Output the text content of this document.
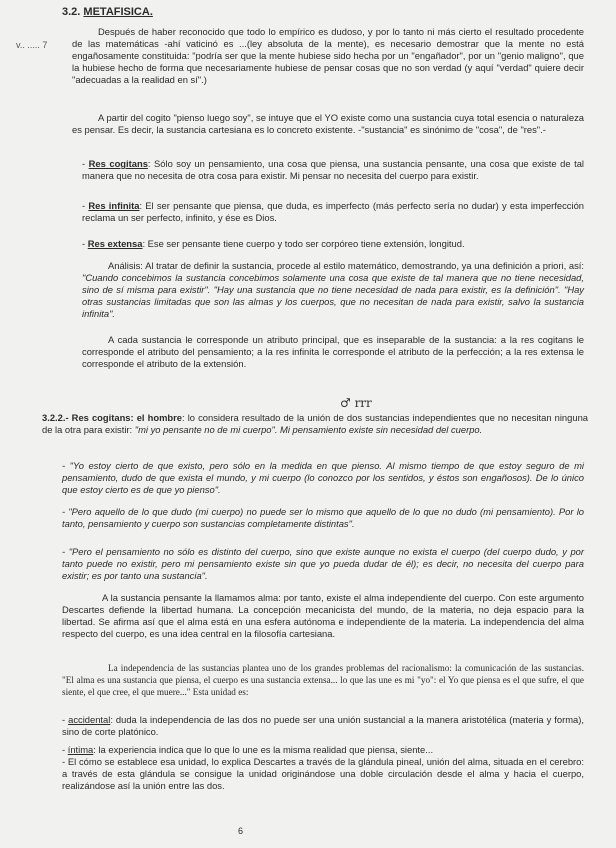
3.2. METAFISICA.
v.. ..... 7

Después de haber reconocido que todo lo empírico es dudoso, y por lo tanto ni más cierto el resultado procedente de las matemáticas -ahí vaticinó es ...(ley absoluta de la mente), es necesario demostrar que la mente no está engañosamente constituida: "podría ser que la mente hubiese sido hecha por un "engañador", por un "genio maligno", que la hubiese hecho de forma que necesariamente hubiese de pensar cosas que no son verdad (y aquí "verdad" quiere decir "adecuadas a la realidad en sí".)

A partir del cogito "pienso luego soy", se intuye que el YO existe como una sustancia cuya total esencia o naturaleza es pensar. Es decir, la sustancia cartesiana es lo concreto existente. -"sustancia" es sinónimo de "cosa", de "res".-

- Res cogitans: Sólo soy un pensamiento, una cosa que piensa, una sustancia pensante, una cosa que existe de tal manera que no necesita de otra cosa para existir. Mi pensar no necesita del cuerpo para existir.

- Res infinita: El ser pensante que piensa, que duda, es imperfecto (más perfecto sería no dudar) y esta imperfección reclama un ser perfecto, infinito, y ése es Dios.

- Res extensa: Ese ser pensante tiene cuerpo y todo ser corpóreo tiene extensión, longitud.

Análisis: Al tratar de definir la sustancia, procede al estilo matemático, demostrando, ya una definición a priori, así: "Cuando concebimos la sustancia concebimos solamente una cosa que existe de tal manera que no tiene necesidad, sino de sí misma para existir". "Hay una sustancia que no tiene necesidad de nada para existir, es la definición". "Hay otras sustancias limitadas que son las almas y los cuerpos, que no necesitan de nada para existir, salvo la sustancia infinita".

A cada sustancia le corresponde un atributo principal, que es inseparable de la sustancia: a la res cogitans le corresponde el atributo del pensamiento; a la res infinita le corresponde el atributo de la perfección; a la res extensa le corresponde el atributo de la extensión.

♂ rrr

3.2.2.- Res cogitans: el hombre: lo considera resultado de la unión de dos sustancias independientes que no necesitan ninguna de la otra para existir: "mi yo pensante no de mi cuerpo". Mi pensamiento existe sin necesidad del cuerpo.

- "Yo estoy cierto de que existo, pero sólo en la medida en que pienso. Al mismo tiempo de que estoy seguro de mi pensamiento, dudo de que exista el mundo, y mi cuerpo (lo conozco por los sentidos, y éstos son engañosos). De lo único que estoy cierto es de que yo pienso".

- "Pero aquello de lo que dudo (mi cuerpo) no puede ser lo mismo que aquello de lo que no dudo (mi pensamiento). Por lo tanto, pensamiento y cuerpo son sustancias completamente distintas".

- "Pero el pensamiento no sólo es distinto del cuerpo, sino que existe aunque no exista el cuerpo (del cuerpo dudo, y por tanto puede no existir, pero mi pensamiento existe sin que yo pueda dudar de él); es decir, no necesita del cuerpo para existir; es por tanto una sustancia".

A la sustancia pensante la llamamos alma: por tanto, existe el alma independiente del cuerpo. Con este argumento Descartes defiende la libertad humana. La concepción mecanicista del mundo, de la materia, no deja espacio para la libertad. Se afirma así que el alma está en una esfera autónoma e independiente de la materia. La independencia del alma respecto del cuerpo, es una idea central en la filosofía cartesiana.

La independencia de las sustancias plantea uno de los grandes problemas del racionalismo: la comunicación de las sustancias. "El alma es una sustancia que piensa, el cuerpo es una sustancia extensa... lo que las une es mi "yo": el Yo que piensa es el que sufre, el que siente, el que cree, el que muere..." Esta unidad es:

- accidental: duda la independencia de las dos no puede ser una unión sustancial a la manera aristotélica (materia y forma), sino de corte platónico.

- íntima: la experiencia indica que lo que lo une es la misma realidad que piensa, siente...

- El cómo se establece esa unidad, lo explica Descartes a través de la glándula pineal, unión del alma, situada en el cerebro: a través de esta glándula se consigue la unidad originándose una doble circulación desde el alma y hacia el cuerpo, realizándose así la unión entre las dos.

6
